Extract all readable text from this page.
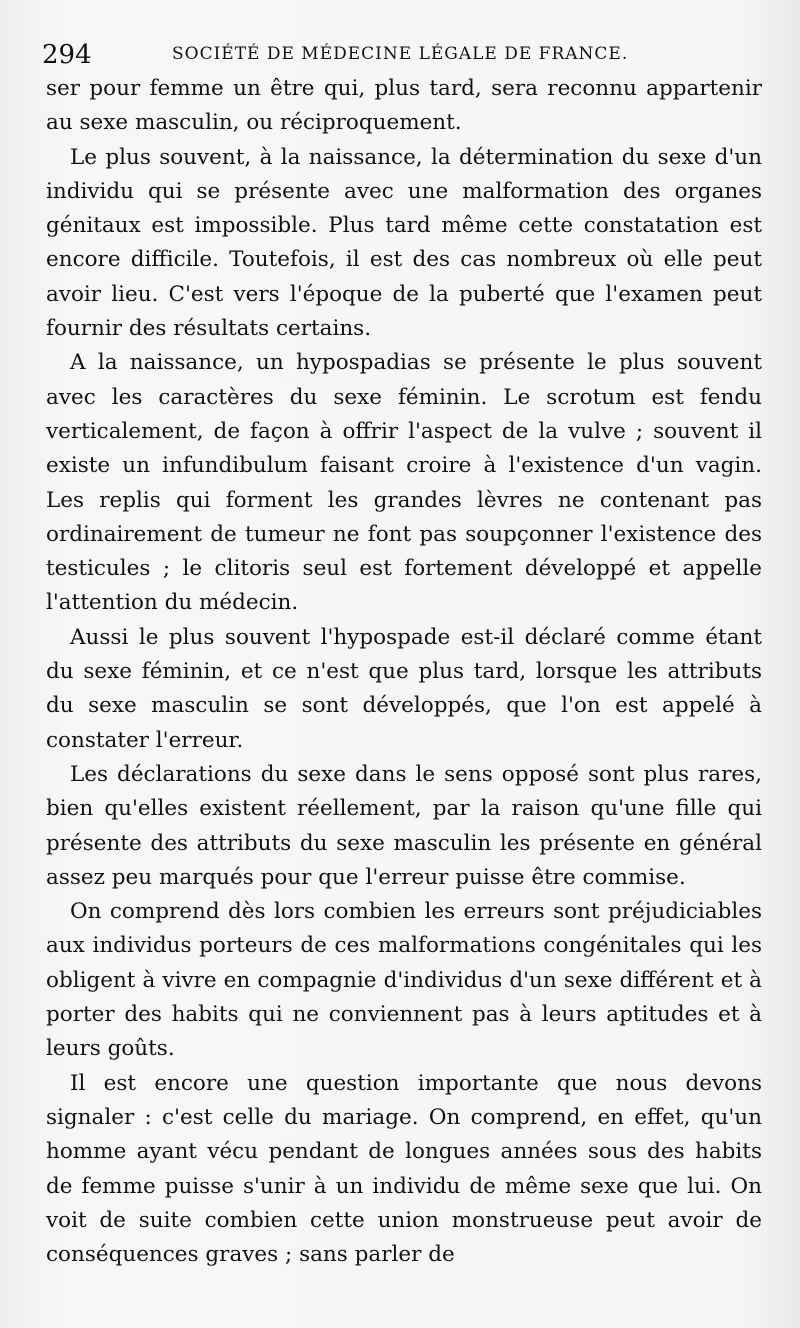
294	SOCIÉTÉ DE MÉDECINE LÉGALE DE FRANCE.

ser pour femme un être qui, plus tard, sera reconnu appartenir au sexe masculin, ou réciproquement.

Le plus souvent, à la naissance, la détermination du sexe d'un individu qui se présente avec une malformation des organes génitaux est impossible. Plus tard même cette constatation est encore difficile. Toutefois, il est des cas nombreux où elle peut avoir lieu. C'est vers l'époque de la puberté que l'examen peut fournir des résultats certains.

A la naissance, un hypospadias se présente le plus souvent avec les caractères du sexe féminin. Le scrotum est fendu verticalement, de façon à offrir l'aspect de la vulve ; souvent il existe un infundibulum faisant croire à l'existence d'un vagin. Les replis qui forment les grandes lèvres ne contenant pas ordinairement de tumeur ne font pas soupçonner l'existence des testicules ; le clitoris seul est fortement développé et appelle l'attention du médecin.

Aussi le plus souvent l'hypospade est-il déclaré comme étant du sexe féminin, et ce n'est que plus tard, lorsque les attributs du sexe masculin se sont développés, que l'on est appelé à constater l'erreur.

Les déclarations du sexe dans le sens opposé sont plus rares, bien qu'elles existent réellement, par la raison qu'une fille qui présente des attributs du sexe masculin les présente en général assez peu marqués pour que l'erreur puisse être commise.

On comprend dès lors combien les erreurs sont préjudiciables aux individus porteurs de ces malformations congénitales qui les obligent à vivre en compagnie d'individus d'un sexe différent et à porter des habits qui ne conviennent pas à leurs aptitudes et à leurs goûts.

Il est encore une question importante que nous devons signaler : c'est celle du mariage. On comprend, en effet, qu'un homme ayant vécu pendant de longues années sous des habits de femme puisse s'unir à un individu de même sexe que lui. On voit de suite combien cette union monstrueuse peut avoir de conséquences graves ; sans parler de
